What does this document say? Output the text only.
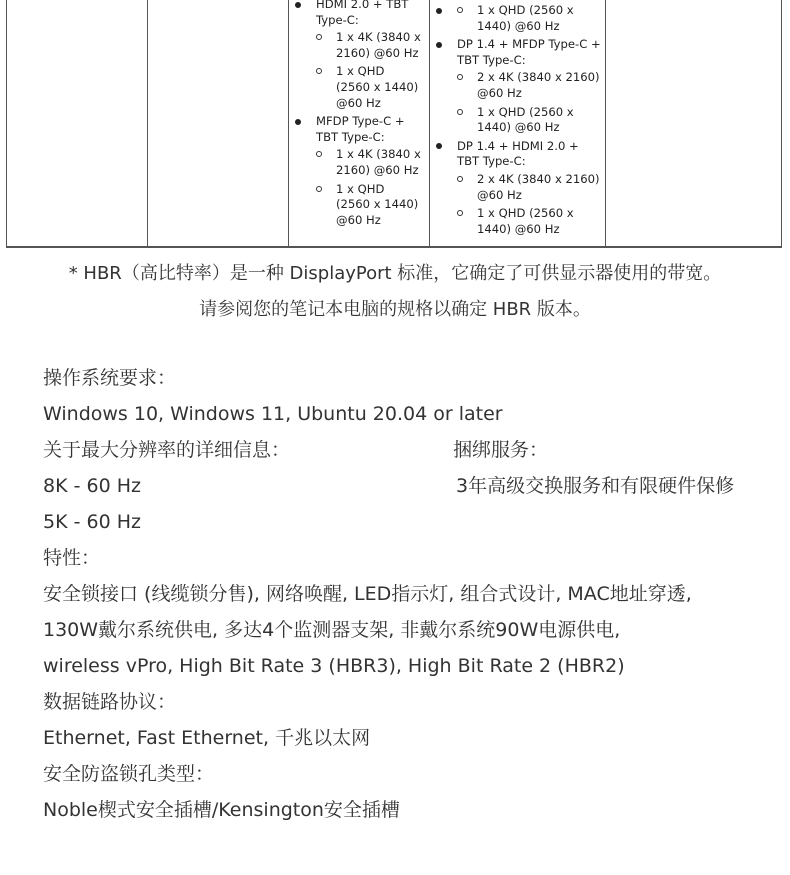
HDMI 2.0 + TBT Type-C:
1 x 4K (3840 x 2160) @60 Hz
1 x QHD (2560 x 1440) @60 Hz
MFDP Type-C + TBT Type-C:
1 x 4K (3840 x 2160) @60 Hz
1 x QHD (2560 x 1440) @60 Hz
1 x QHD (2560 x 1440) @60 Hz
DP 1.4 + MFDP Type-C + TBT Type-C:
2 x 4K (3840 x 2160) @60 Hz
1 x QHD (2560 x 1440) @60 Hz
DP 1.4 + HDMI 2.0 + TBT Type-C:
2 x 4K (3840 x 2160) @60 Hz
1 x QHD (2560 x 1440) @60 Hz
* HBR（高比特率）是一种 DisplayPort 标准，它确定了可供显示器使用的带宽。
请参阅您的笔记本电脑的规格以确定 HBR 版本。
操作系统要求：
Windows 10, Windows 11, Ubuntu 20.04 or later
关于最大分辨率的详细信息：	捆绑服务：
8K - 60 Hz	3年高级交换服务和有限硬件保修
5K - 60 Hz
特性：
安全锁接口 (线缆锁分售), 网络唤醒, LED指示灯, 组合式设计, MAC地址穿透,
130W戴尔系统供电, 多达4个监测器支架, 非戴尔系统90W电源供电,
wireless vPro, High Bit Rate 3 (HBR3), High Bit Rate 2 (HBR2)
数据链路协议：
Ethernet, Fast Ethernet, 千兆以太网
安全防盗锁孔类型：
Noble楔式安全插槽/Kensington安全插槽
